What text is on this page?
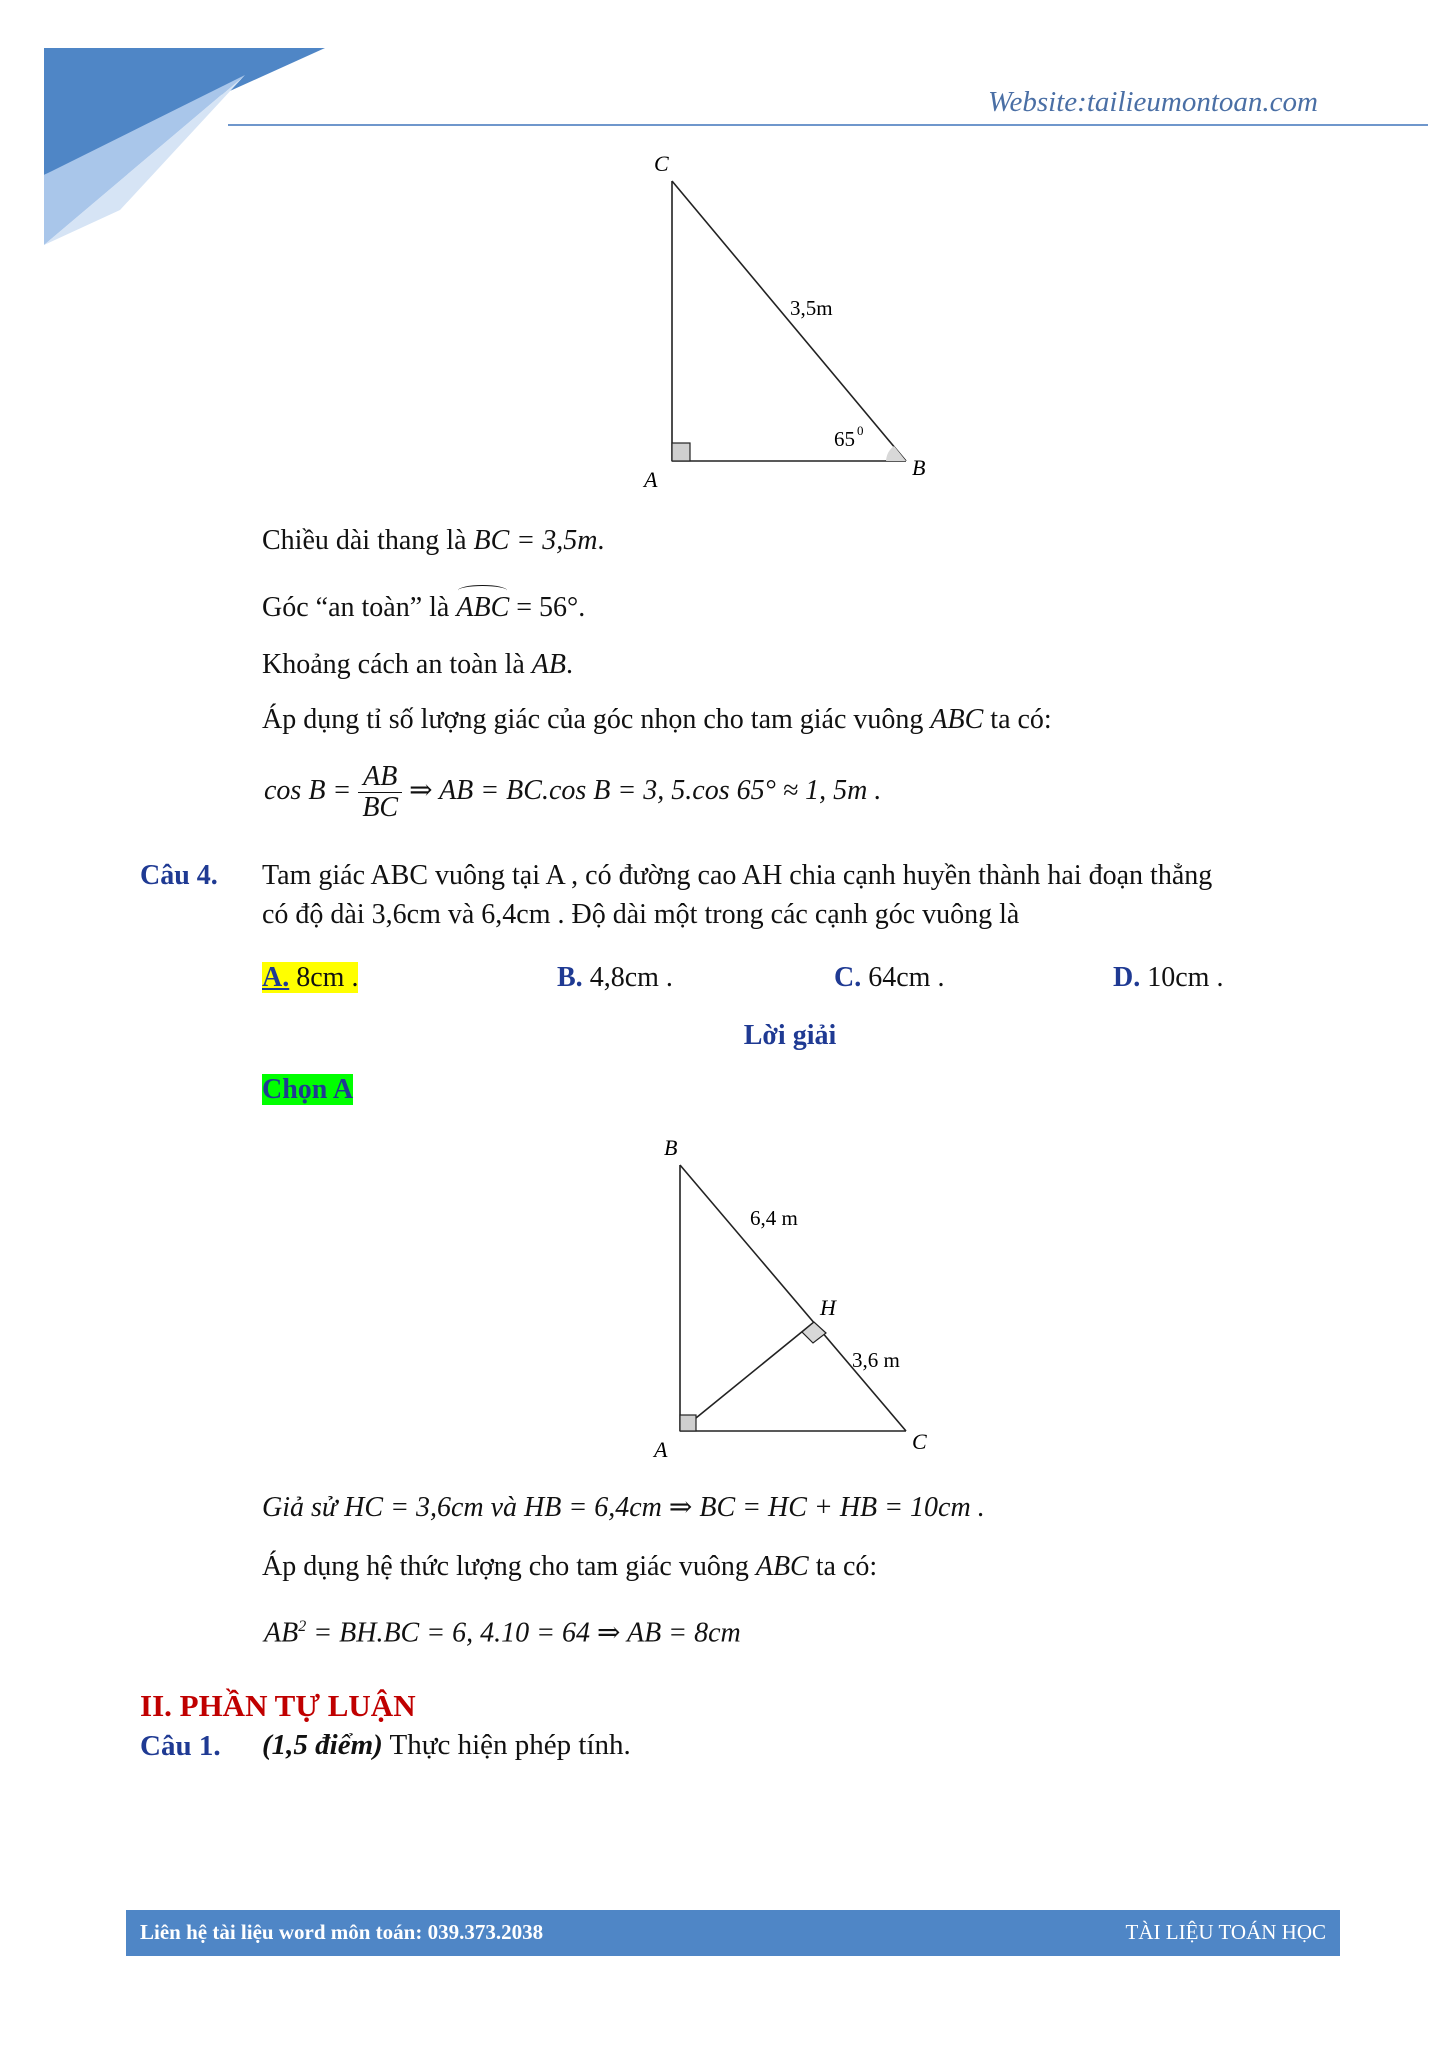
Website:tailieumontoan.com
C
A	B
3,5m
65 0
Chiều dài thang là BC = 3,5m.
Góc “an toàn” là ABC = 56°.
Khoảng cách an toàn là AB.
Áp dụng tỉ số lượng giác của góc nhọn cho tam giác vuông ABC ta có:
$\cos B = \frac{AB}{BC}$ ⇒ AB = BC.cos B = 3, 5.cos 65° ≈ 1, 5m .
Câu 4. Tam giác ABC vuông tại A , có đường cao AH chia cạnh huyền thành hai đoạn thẳng
có độ dài 3,6cm và 6,4cm . Độ dài một trong các cạnh góc vuông là
A. 8cm .	B. 4,8cm .	C. 64cm .	D. 10cm .
Lời giải
Chọn A
B
H
A	C
6,4 m
3,6 m
Giả sử HC = 3,6cm và HB = 6,4cm ⇒ BC = HC + HB = 10cm .
Áp dụng hệ thức lượng cho tam giác vuông ABC ta có:
$AB^2 = BH.BC = 6$, 4.10 = 64 ⇒ AB = 8cm
II. PHẦN TỰ LUẬN
Câu 1. (1,5 điểm) Thực hiện phép tính.
Liên hệ tài liệu word môn toán: 039.373.2038	TÀI LIỆU TOÁN HỌC
